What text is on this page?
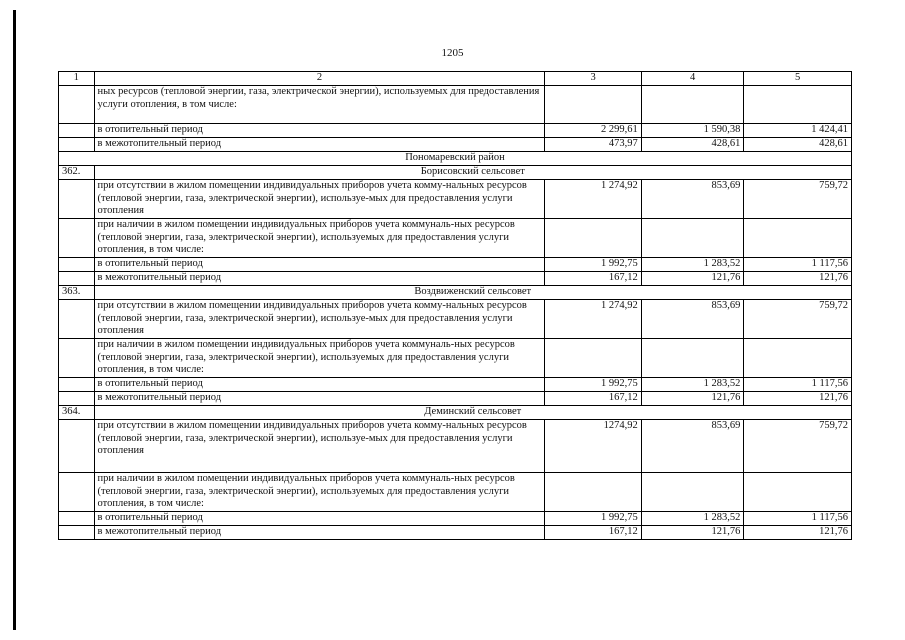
1205
1	2	3	4	5
	ных ресурсов (тепловой энергии, газа, электрической энергии), используемых для предоставления услуги отопления, в том числе:			
	в отопительный период	2 299,61	1 590,38	1 424,41
	в межотопительный период	473,97	428,61	428,61
Пономаревский район				
362.	Борисовский сельсовет			
	при отсутствии в жилом помещении индивидуальных приборов учета комму-нальных ресурсов (тепловой энергии, газа, электрической энергии), используе-мых для предоставления услуги отопления	1 274,92	853,69	759,72
	при наличии в жилом помещении индивидуальных приборов учета коммуналь-ных ресурсов (тепловой энергии, газа, электрической энергии), используемых для предоставления услуги отопления, в том числе:			
	в отопительный период	1 992,75	1 283,52	1 117,56
	в межотопительный период	167,12	121,76	121,76
363.	Воздвиженский сельсовет			
	при отсутствии в жилом помещении индивидуальных приборов учета комму-нальных ресурсов (тепловой энергии, газа, электрической энергии), используе-мых для предоставления услуги отопления	1 274,92	853,69	759,72
	при наличии в жилом помещении индивидуальных приборов учета коммуналь-ных ресурсов (тепловой энергии, газа, электрической энергии), используемых для предоставления услуги отопления, в том числе:			
	в отопительный период	1 992,75	1 283,52	1 117,56
	в межотопительный период	167,12	121,76	121,76
364.	Деминский сельсовет			
	при отсутствии в жилом помещении индивидуальных приборов учета комму-нальных ресурсов (тепловой энергии, газа, электрической энергии), используе-мых для предоставления услуги отопления	1274,92	853,69	759,72
	при наличии в жилом помещении индивидуальных приборов учета коммуналь-ных ресурсов (тепловой энергии, газа, электрической энергии), используемых для предоставления услуги отопления, в том числе:			
	в отопительный период	1 992,75	1 283,52	1 117,56
	в межотопительный период	167,12	121,76	121,76
